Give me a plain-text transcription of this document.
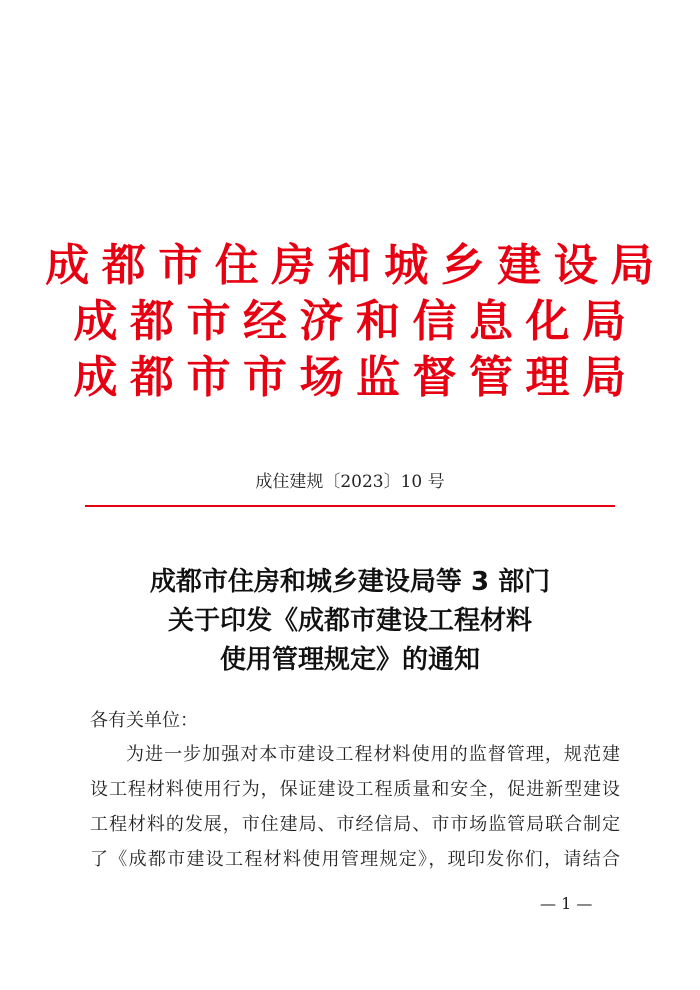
成都市住房和城乡建设局
成都市经济和信息化局
成都市市场监督管理局
成住建规〔2023〕10 号
成都市住房和城乡建设局等 3 部门
关于印发《成都市建设工程材料
使用管理规定》的通知
各有关单位：
为进一步加强对本市建设工程材料使用的监督管理，规范建
设工程材料使用行为，保证建设工程质量和安全，促进新型建设
工程材料的发展，市住建局、市经信局、市市场监管局联合制定
了《成都市建设工程材料使用管理规定》，现印发你们，请结合
— 1 —
